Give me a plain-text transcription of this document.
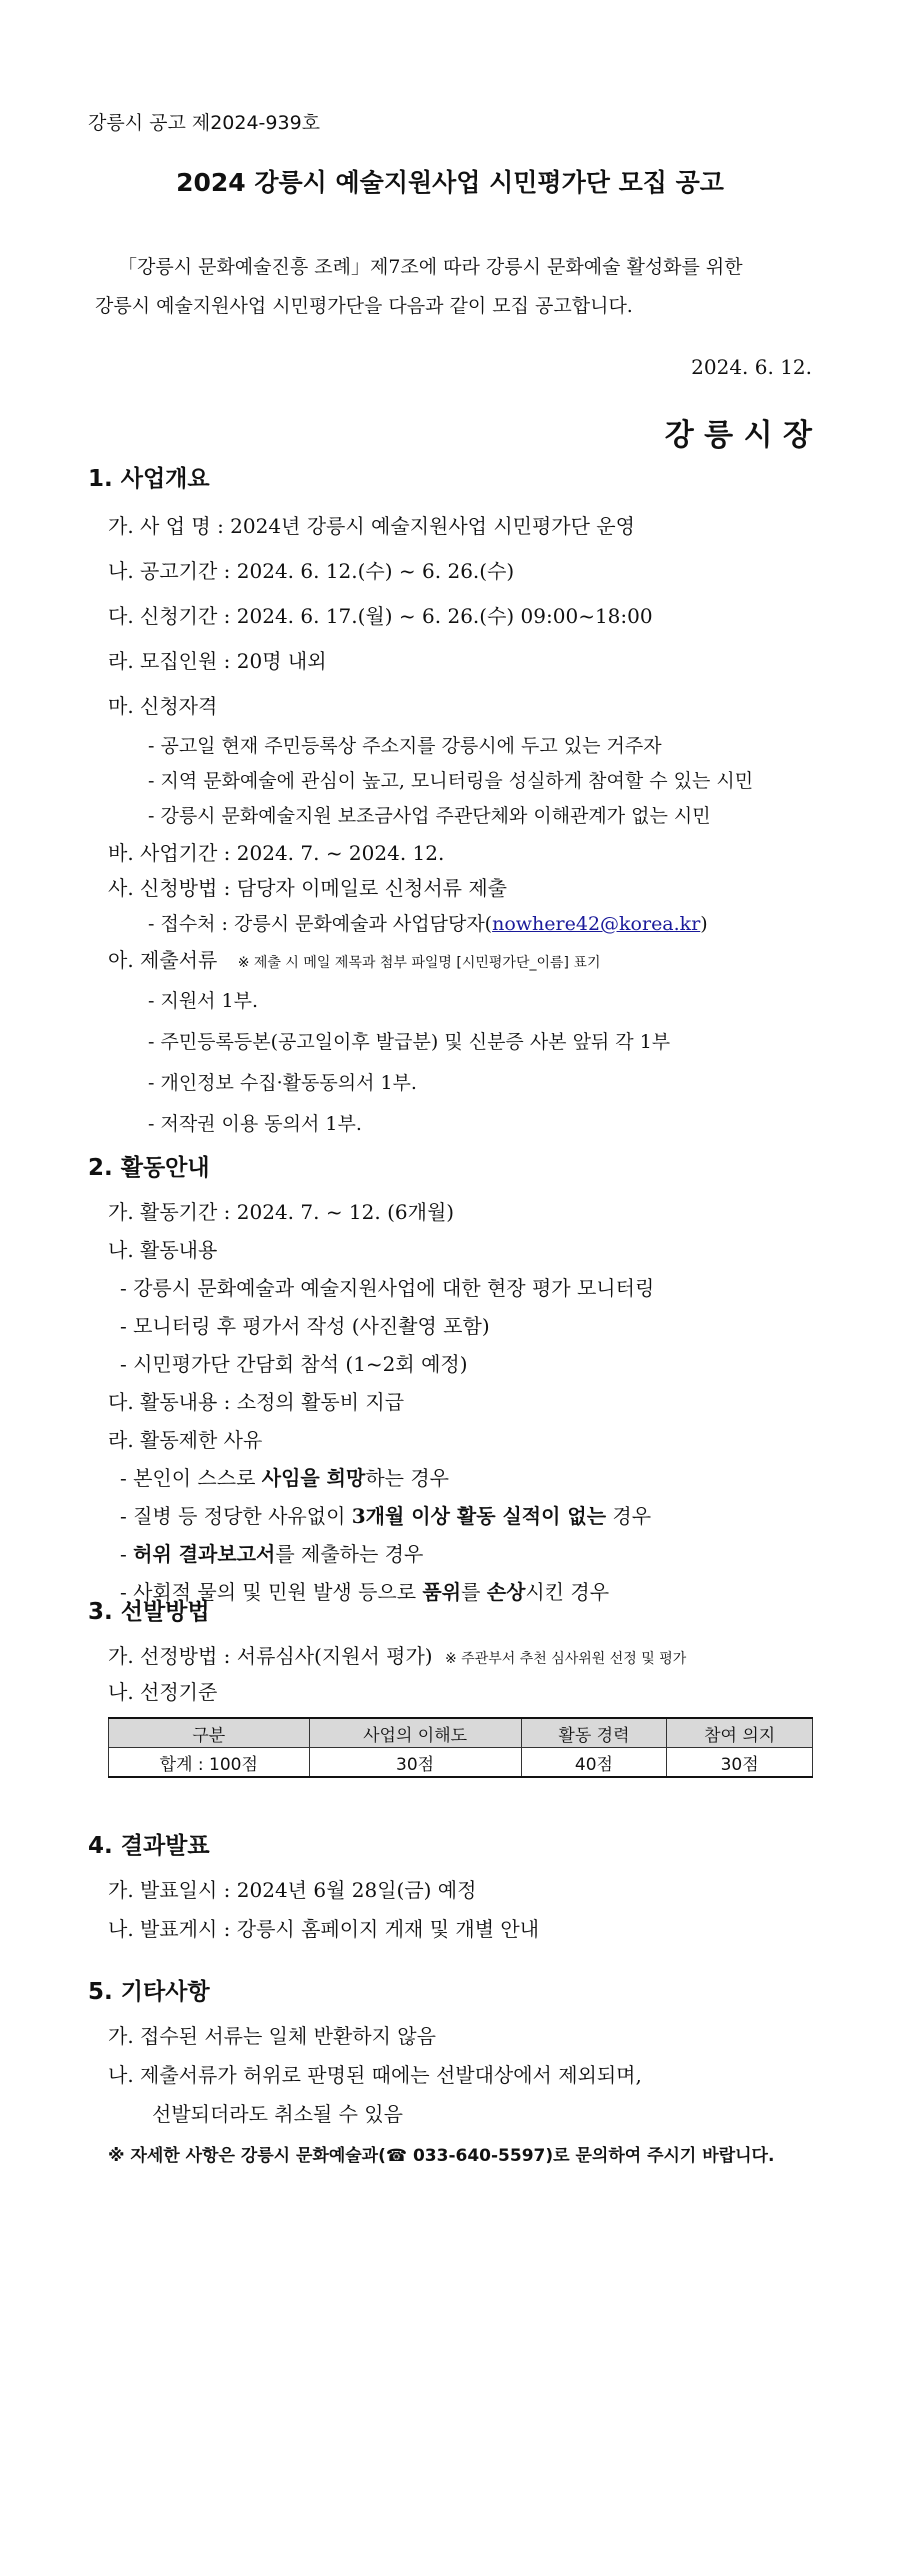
강릉시 공고 제2024-939호
2024 강릉시 예술지원사업 시민평가단 모집 공고
「강릉시 문화예술진흥 조례」제7조에 따라 강릉시 문화예술 활성화를 위한
강릉시 예술지원사업 시민평가단을 다음과 같이 모집 공고합니다.
2024. 6. 12.
강 릉 시 장
1. 사업개요
가. 사 업 명 : 2024년 강릉시 예술지원사업 시민평가단 운영
나. 공고기간 : 2024. 6. 12.(수) ~ 6. 26.(수)
다. 신청기간 : 2024. 6. 17.(월) ~ 6. 26.(수) 09:00~18:00
라. 모집인원 : 20명 내외
마. 신청자격
- 공고일 현재 주민등록상 주소지를 강릉시에 두고 있는 거주자
- 지역 문화예술에 관심이 높고, 모니터링을 성실하게 참여할 수 있는 시민
- 강릉시 문화예술지원 보조금사업 주관단체와 이해관계가 없는 시민
바. 사업기간 : 2024. 7. ~ 2024. 12.
사. 신청방법 : 담당자 이메일로 신청서류 제출
- 접수처 : 강릉시 문화예술과 사업담당자(nowhere42@korea.kr)
아. 제출서류 ※ 제출 시 메일 제목과 첨부 파일명 [시민평가단_이름] 표기
- 지원서 1부.
- 주민등록등본(공고일이후 발급분) 및 신분증 사본 앞뒤 각 1부
- 개인정보 수집·활동동의서 1부.
- 저작권 이용 동의서 1부.
2. 활동안내
가. 활동기간 : 2024. 7. ~ 12. (6개월)
나. 활동내용
- 강릉시 문화예술과 예술지원사업에 대한 현장 평가 모니터링
- 모니터링 후 평가서 작성 (사진촬영 포함)
- 시민평가단 간담회 참석 (1~2회 예정)
다. 활동내용 : 소정의 활동비 지급
라. 활동제한 사유
- 본인이 스스로 사임을 희망하는 경우
- 질병 등 정당한 사유없이 3개월 이상 활동 실적이 없는 경우
- 허위 결과보고서를 제출하는 경우
- 사회적 물의 및 민원 발생 등으로 품위를 손상시킨 경우
3. 선발방법
가. 선정방법 : 서류심사(지원서 평가) ※ 주관부서 추천 심사위원 선정 및 평가
나. 선정기준
구분	사업의 이해도	활동 경력	참여 의지
합계 : 100점	30점	40점	30점
4. 결과발표
가. 발표일시 : 2024년 6월 28일(금) 예정
나. 발표게시 : 강릉시 홈페이지 게재 및 개별 안내
5. 기타사항
가. 접수된 서류는 일체 반환하지 않음
나. 제출서류가 허위로 판명된 때에는 선발대상에서 제외되며,
선발되더라도 취소될 수 있음
※ 자세한 사항은 강릉시 문화예술과(☎ 033-640-5597)로 문의하여 주시기 바랍니다.
